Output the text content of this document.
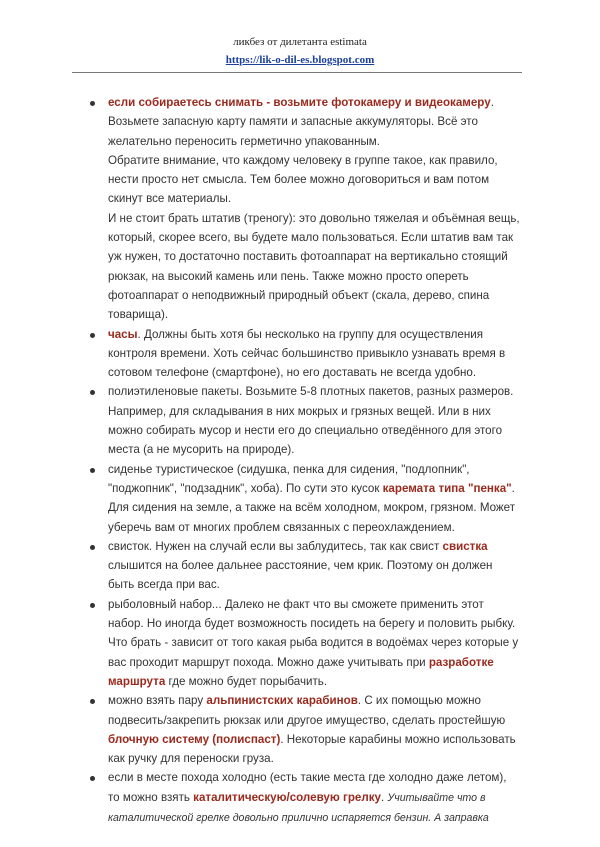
ликбез от дилетанта estimata
https://lik-o-dil-es.blogspot.com

если собираетесь снимать - возьмите фотокамеру и видеокамеру.

Возьмете запасную карту памяти и запасные аккумуляторы. Всё это желательно переносить герметично упакованным.

Обратите внимание, что каждому человеку в группе такое, как правило, нести просто нет смысла. Тем более можно договориться и вам потом скинут все материалы.

И не стоит брать штатив (треногу): это довольно тяжелая и объёмная вещь, который, скорее всего, вы будете мало пользоваться. Если штатив вам так уж нужен, то достаточно поставить фотоаппарат на вертикально стоящий рюкзак, на высокий камень или пень. Также можно просто опереть фотоаппарат о неподвижный природный объект (скала, дерево, спина товарища).

часы. Должны быть хотя бы несколько на группу для осуществления контроля времени. Хоть сейчас большинство привыкло узнавать время в сотовом телефоне (смартфоне), но его доставать не всегда удобно.

полиэтиленовые пакеты. Возьмите 5-8 плотных пакетов, разных размеров. Например, для складывания в них мокрых и грязных вещей. Или в них можно собирать мусор и нести его до специально отведённого для этого места (а не мусорить на природе).

сиденье туристическое (сидушка, пенка для сидения, "подлопник", "поджопник", "подзадник", хоба). По сути это кусок каремата типа "пенка". Для сидения на земле, а также на всём холодном, мокром, грязном. Может уберечь вам от многих проблем связанных с переохлаждением.

свисток. Нужен на случай если вы заблудитесь, так как свист свистка слышится на более дальнее расстояние, чем крик. Поэтому он должен быть всегда при вас.

рыболовный набор... Далеко не факт что вы сможете применить этот набор. Но иногда будет возможность посидеть на берегу и половить рыбку.

Что брать - зависит от того какая рыба водится в водоёмах через которые у вас проходит маршрут похода. Можно даже учитывать при разработке маршрута где можно будет порыбачить.

можно взять пару альпинистских карабинов. С их помощью можно подвесить/закрепить рюкзак или другое имущество, сделать простейшую блочную систему (полиспаст). Некоторые карабины можно использовать как ручку для переноски груза.

если в месте похода холодно (есть такие места где холодно даже летом), то можно взять каталитическую/солевую грелку. Учитывайте что в каталитической грелке довольно прилично испаряется бензин. А заправка
